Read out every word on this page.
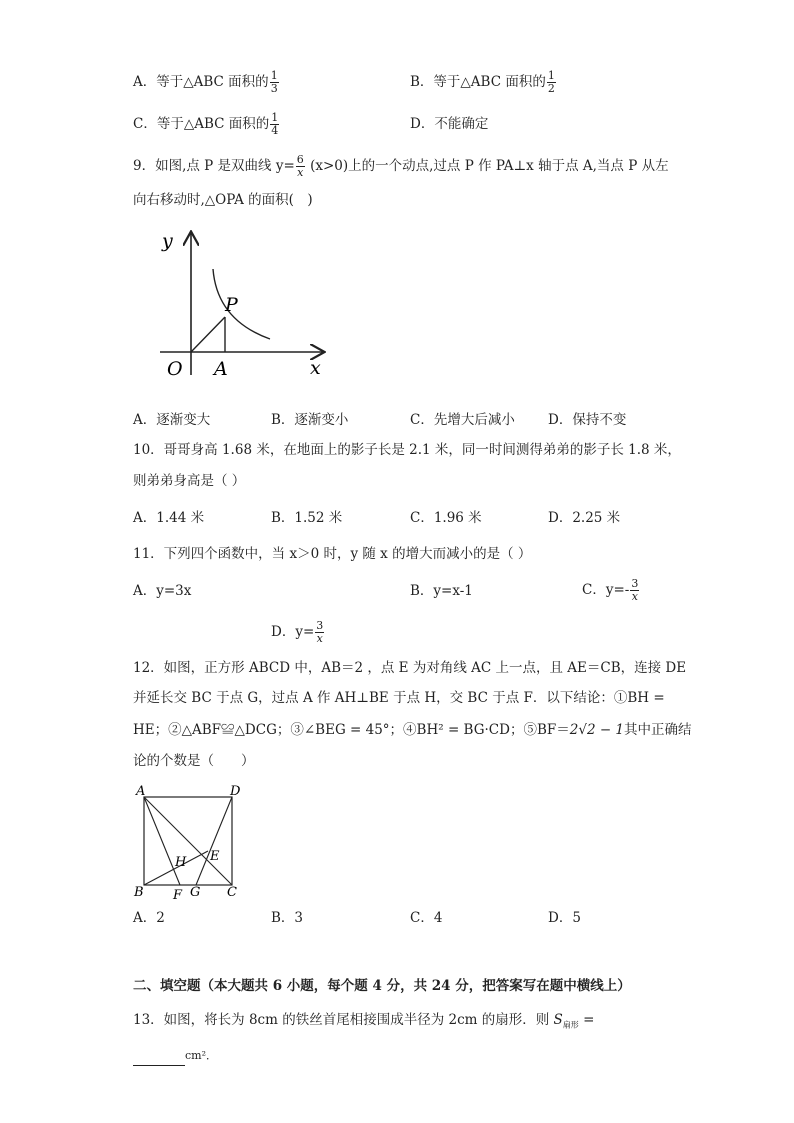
A．等于△ABC 面积的 $\frac{1}{3}$	B．等于△ABC 面积的 $\frac{1}{2}$
C．等于△ABC 面积的 $\frac{1}{4}$	D．不能确定
9．如图,点 P 是双曲线 $y= \frac{6}{x} (x>0)$上的一个动点,过点 P 作 PA⊥x 轴于点 A,当点 P 从左
向右移动时,△OPA 的面积(　)
y
x
O A
P
A．逐渐变大	B．逐渐变小	C．先增大后减小 D．保持不变
10．哥哥身高 1.68 米，在地面上的影子长是 2.1 米，同一时间测得弟弟的影子长 1.8 米，
则弟弟身高是（ ）
A．1.44 米	B．1.52 米	C．1.96 米	D．2.25 米
11．下列四个函数中，当 x＞0 时，y 随 x 的增大而减小的是（ ）
A．y=3x	B．y=x-1	C．$y=- \frac{3}{x}$
D．$y= \frac{3}{x}$
12．如图，正方形 ABCD 中，AB＝2 ，点 E 为对角线 AC 上一点，且 AE＝CB，连接 DE
并延长交 BC 于点 G，过点 A 作 AH⊥BE 于点 H，交 BC 于点 F．以下结论：①BH =
HE；②△ABF≌△DCG；③∠BEG = 45°；④BH² = BG·CD；⑤BF＝2√2 − 1其中正确结
论的个数是（　　）
A	D
B	C
E
H
F G
A．2	B．3	C．4	D．5
二、填空题（本大题共 6 小题，每个题 4 分，共 24 分，把答案写在题中横线上）
13．如图，将长为 8cm 的铁丝首尾相接围成半径为 2cm 的扇形．则 $S_{扇形}$ =
cm²．
